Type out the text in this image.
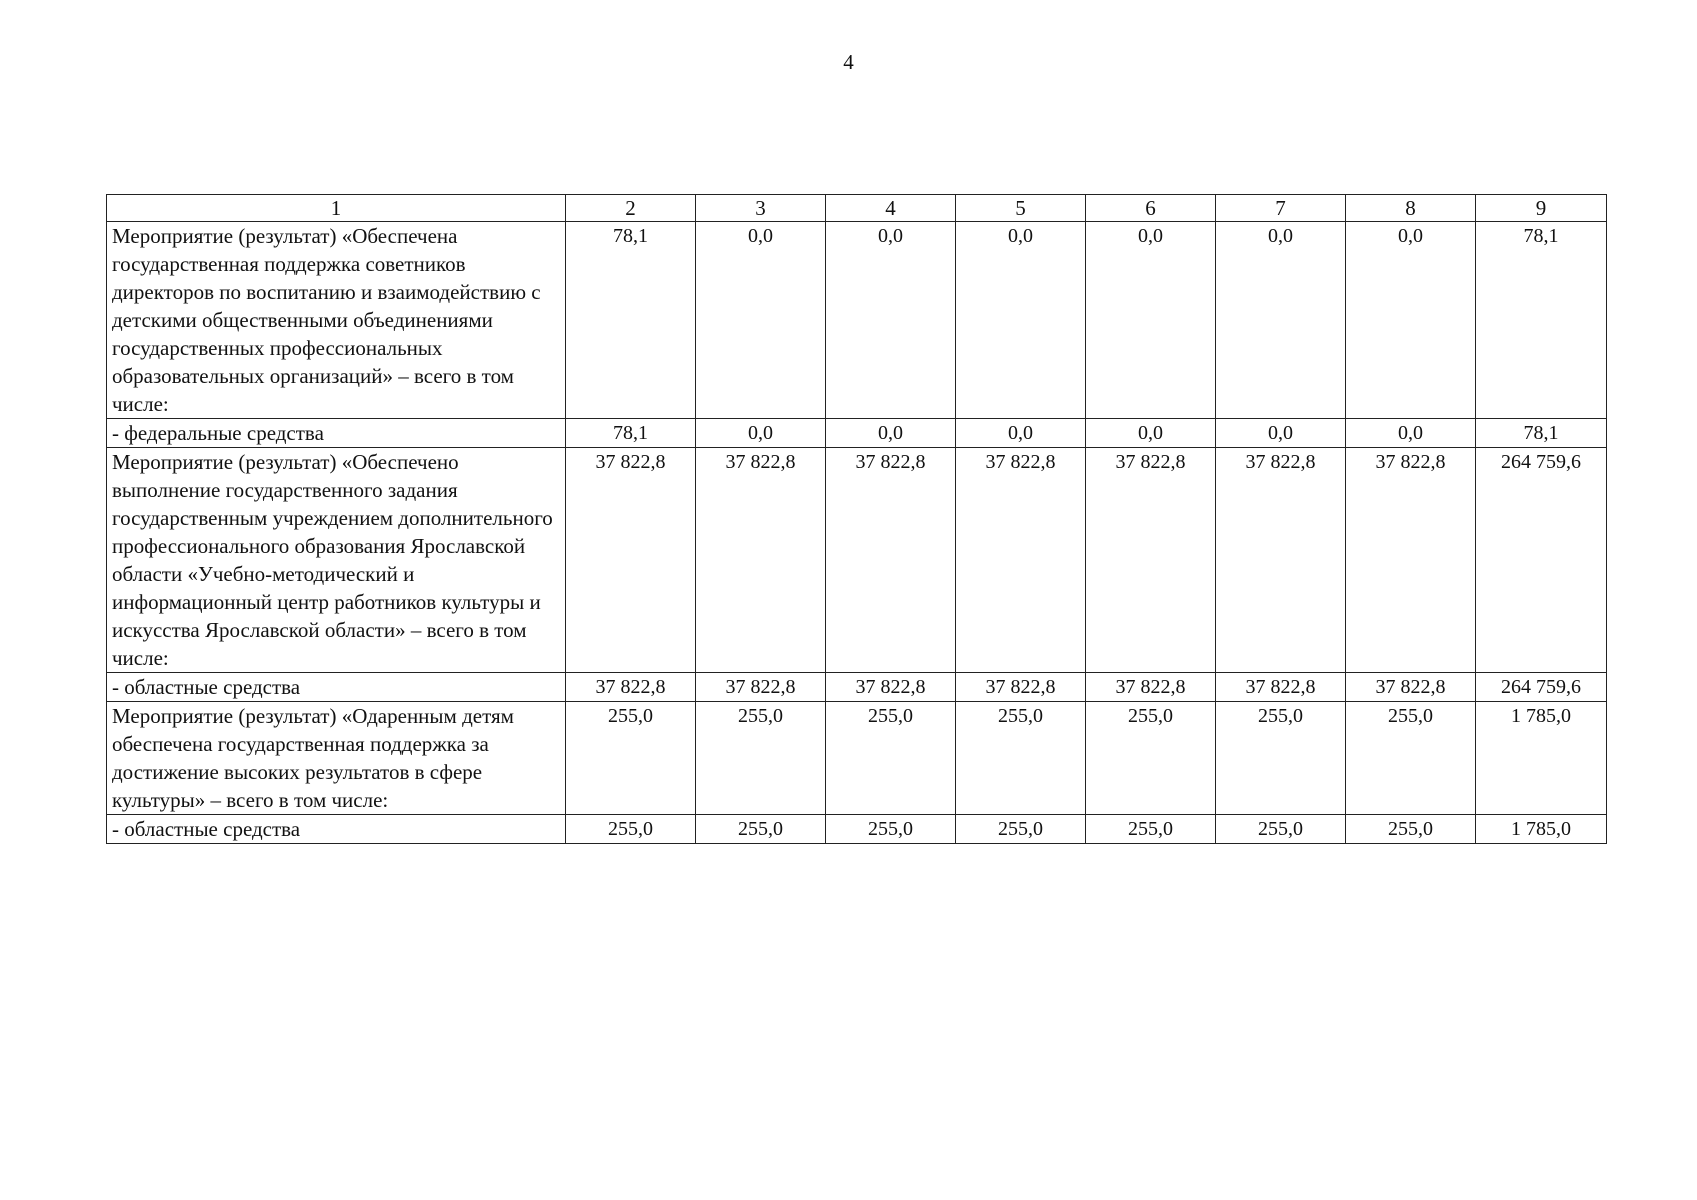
4
1	2	3	4	5	6	7	8	9
Мероприятие (результат) «Обеспечена государственная поддержка советников директоров по воспитанию и взаимодействию с детскими общественными объединениями государственных профессиональных образовательных организаций» – всего в том числе:	78,1	0,0	0,0	0,0	0,0	0,0	0,0	78,1
- федеральные средства	78,1	0,0	0,0	0,0	0,0	0,0	0,0	78,1
Мероприятие (результат) «Обеспечено выполнение государственного задания государственным учреждением дополнительного профессионального образования Ярославской области «Учебно-методический и информационный центр работников культуры и искусства Ярославской области» – всего в том числе:	37 822,8	37 822,8	37 822,8	37 822,8	37 822,8	37 822,8	37 822,8	264 759,6
- областные средства	37 822,8	37 822,8	37 822,8	37 822,8	37 822,8	37 822,8	37 822,8	264 759,6
Мероприятие (результат) «Одаренным детям обеспечена государственная поддержка за достижение высоких результатов в сфере культуры» – всего в том числе:	255,0	255,0	255,0	255,0	255,0	255,0	255,0	1 785,0
- областные средства	255,0	255,0	255,0	255,0	255,0	255,0	255,0	1 785,0
